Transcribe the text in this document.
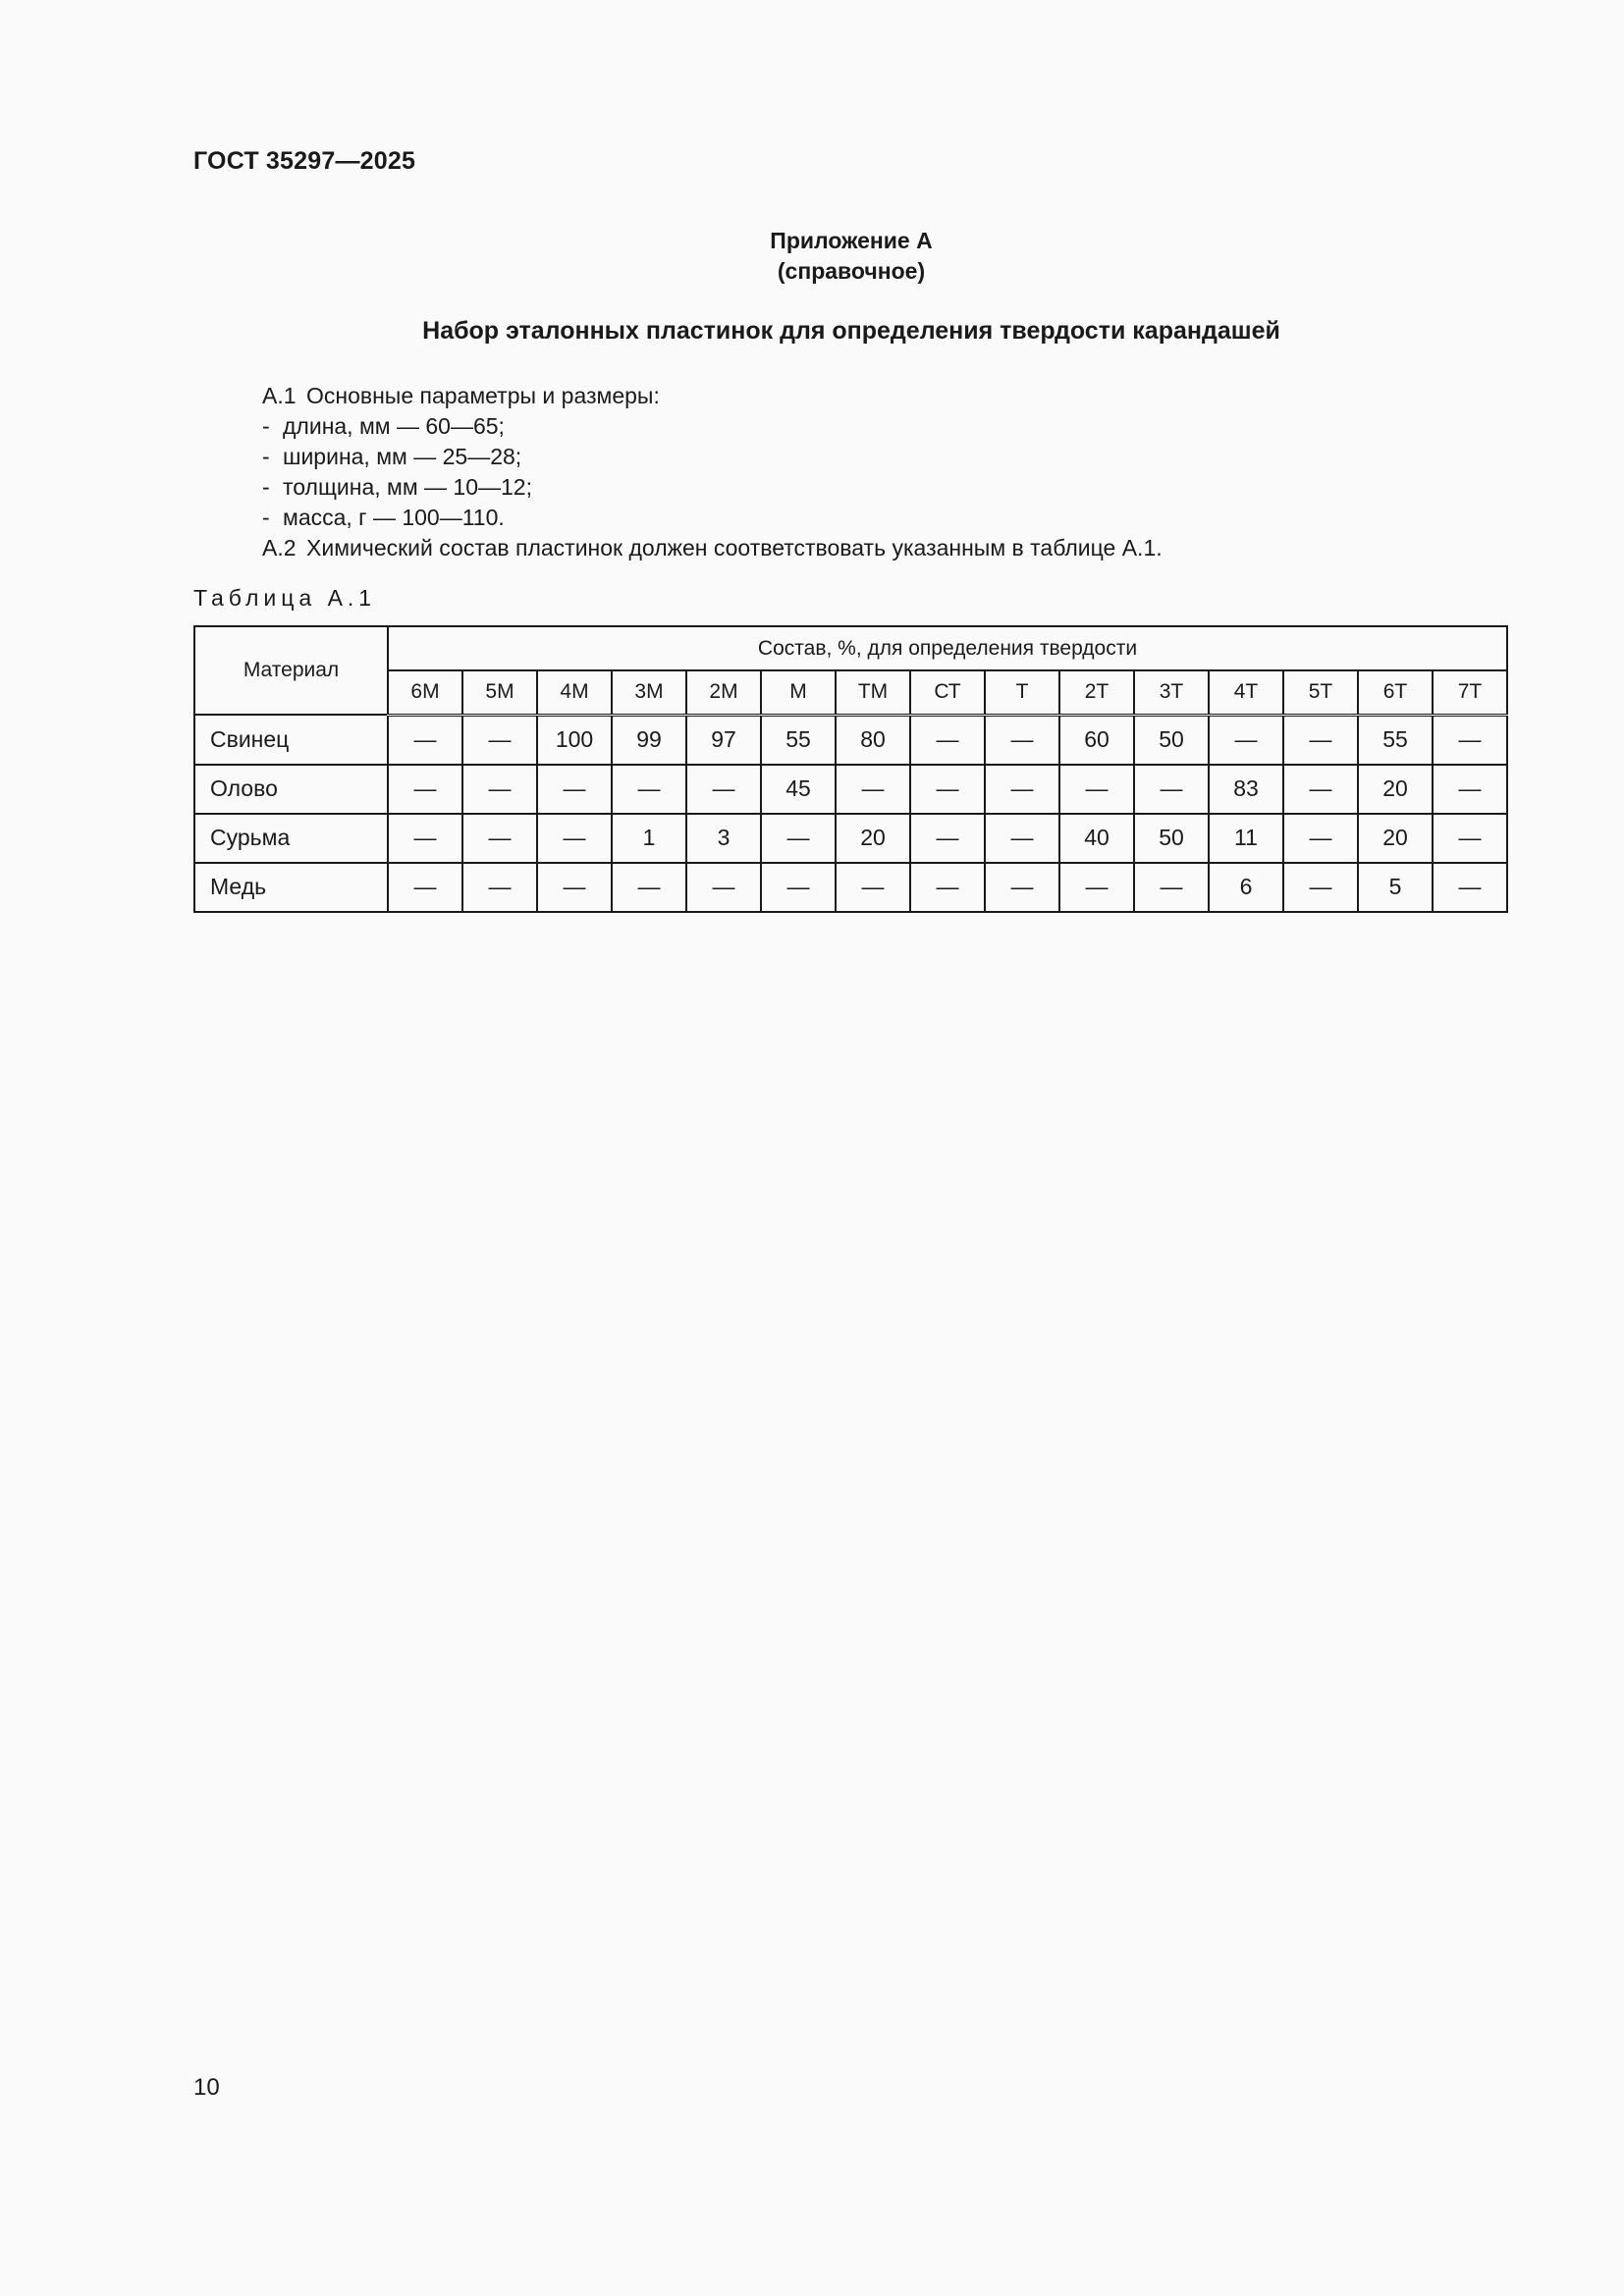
ГОСТ 35297—2025
Приложение А
(справочное)
Набор эталонных пластинок для определения твердости карандашей
А.1 Основные параметры и размеры:
- длина, мм — 60—65;
- ширина, мм — 25—28;
- толщина, мм — 10—12;
- масса, г — 100—110.
А.2 Химический состав пластинок должен соответствовать указанным в таблице А.1.
Таблица А.1
Материал	Состав, %, для определения твердости														
	6М	5М	4М	3М	2М	М	ТМ	СТ	Т	2Т	3Т	4Т	5Т	6Т	7Т
Свинец	—	—	100	99	97	55	80	—	—	60	50	—	—	55	—
Олово	—	—	—	—	—	45	—	—	—	—	—	83	—	20	—
Сурьма	—	—	—	1	3	—	20	—	—	40	50	11	—	20	—
Медь	—	—	—	—	—	—	—	—	—	—	—	6	—	5	—
10
